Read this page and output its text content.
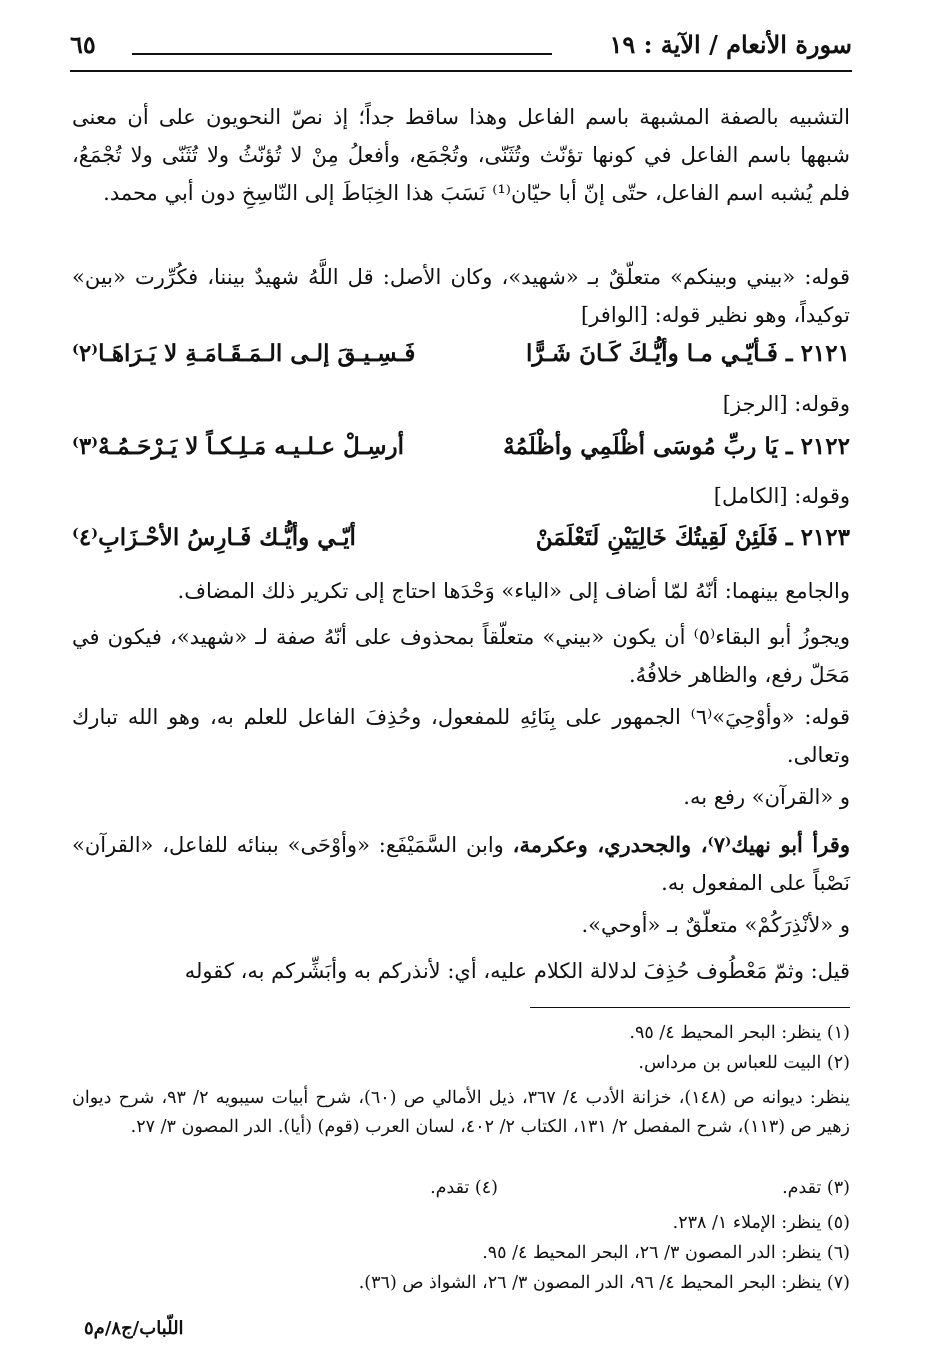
سورة الأنعام / الآية : ١٩
٦٥
التشبيه بالصفة المشبهة باسم الفاعل وهذا ساقط جداً؛ إذ نصّ النحويون على أن معنى شبهها باسم الفاعل في كونها تؤنّث وتُثَنّى، وتُجْمَع، وأفعلُ مِنْ لا تُؤنّثُ ولا تُثَنّى ولا تُجْمَعُ، فلم يُشبه اسم الفاعل، حتّى إنّ أبا حيّان⁽¹⁾ نَسَبَ هذا الخِبَاطَ إلى النّاسِخِ دون أبي محمد.
قوله: «بيني وبينكم» متعلّقٌ بـ «شهيد»، وكان الأصل: قل اللَّهُ شهيدٌ بيننا، فكُرِّرت «بين» توكيداً، وهو نظير قوله: [الوافر]
٢١٢١ ـ فَـأيّـي مـا وأيُّـكَ كَـانَ شَـرًّا
فَـسِـيـقَ إلـى الـمَـقَـامَـةِ لا يَـرَاهَـا⁽٢⁾
وقوله: [الرجز]
٢١٢٢ ـ يَا ربِّ مُوسَى أظْلَمِي وأظْلَمُهْ
أرسِـلْ عـلـيـه مَـلِـكـاً لا يَـرْحَـمُـهْ⁽٣⁾
وقوله: [الكامل]
٢١٢٣ ـ فَلَئِنْ لَقِيتُكَ خَالِيَيْنِ لَتَعْلَمَنْ
أيّـي وأيُّـك فَـارِسُ الأحْـزَابِ⁽٤⁾
والجامع بينهما: أنّهُ لمّا أضاف إلى «الياء» وَحْدَها احتاج إلى تكرير ذلك المضاف.
ويجوزُ أبو البقاء⁽٥⁾ أن يكون «بيني» متعلّقاً بمحذوف على أنّهُ صفة لـ «شهيد»، فيكون في مَحَلّ رفع، والظاهر خلافُهُ.
قوله: «وأوْحِيَ»⁽٦⁾ الجمهور على بِنَائِهِ للمفعول، وحُذِفَ الفاعل للعلم به، وهو الله تبارك وتعالى.
و «القرآن» رفع به.
وقرأ أبو نهيك⁽٧⁾، والجحدري، وعكرمة، وابن السَّمَيْفَع: «وأوْحَى» ببنائه للفاعل، «القرآن» نَصْباً على المفعول به.
و «لأنْذِرَكُمْ» متعلّقٌ بـ «أوحي».
قيل: وثمّ مَعْطُوف حُذِفَ لدلالة الكلام عليه، أي: لأنذركم به وأبَشِّركم به، كقوله
(١) ينظر: البحر المحيط ٤/ ٩٥.
(٢) البيت للعباس بن مرداس.
ينظر: ديوانه ص (١٤٨)، خزانة الأدب ٤/ ٣٦٧، ذيل الأمالي ص (٦٠)، شرح أبيات سيبويه ٢/ ٩٣، شرح ديوان زهير ص (١١٣)، شرح المفصل ٢/ ١٣١، الكتاب ٢/ ٤٠٢، لسان العرب (قوم) (أيا). الدر المصون ٣/ ٢٧.
(٣) تقدم.
(٤) تقدم.
(٥) ينظر: الإملاء ١/ ٢٣٨.
(٦) ينظر: الدر المصون ٣/ ٢٦، البحر المحيط ٤/ ٩٥.
(٧) ينظر: البحر المحيط ٤/ ٩٦، الدر المصون ٣/ ٢٦، الشواذ ص (٣٦).
اللّباب/ج٨/م٥
